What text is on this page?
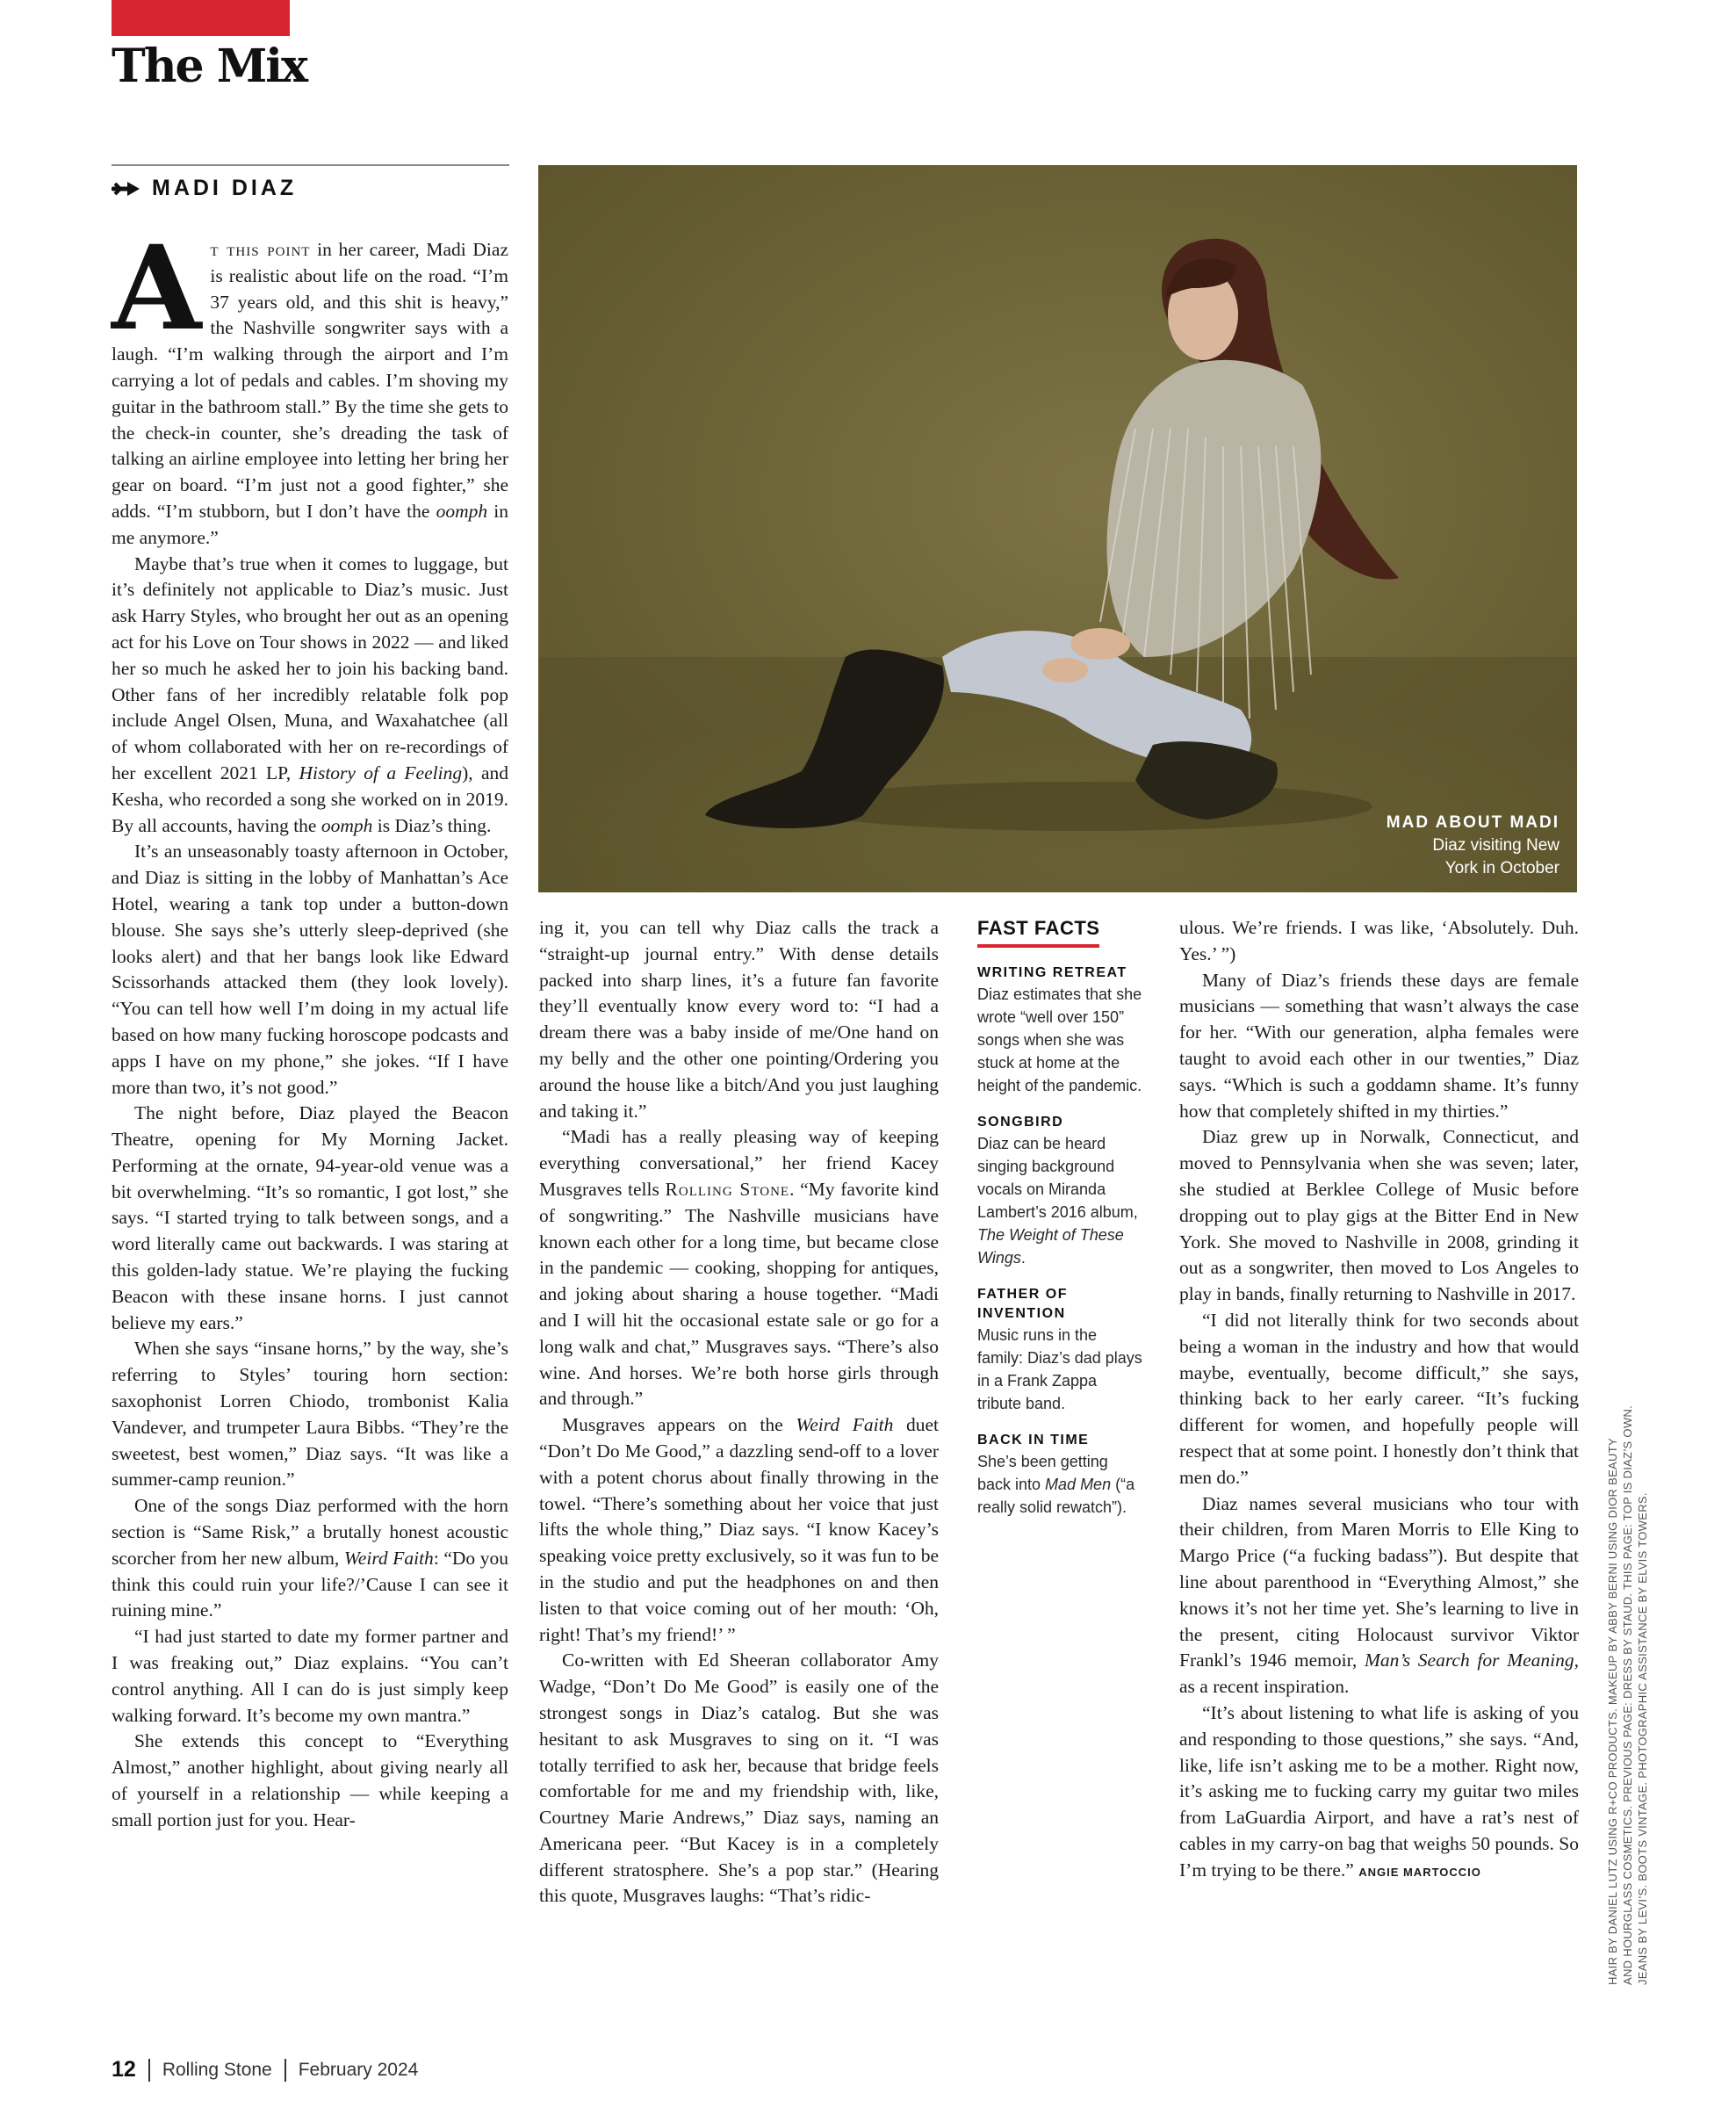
The Mix
MADI DIAZ
MAD ABOUT MADI
Diaz visiting New
York in October

At this point in her career, Madi Diaz is realistic about life on the road. “I’m 37 years old, and this shit is heavy,” the Nashville songwriter says with a laugh. “I’m walking through the airport and I’m carrying a lot of pedals and cables. I’m shoving my guitar in the bathroom stall.” By the time she gets to the check-in counter, she’s dreading the task of talking an airline employee into letting her bring her gear on board. “I’m just not a good fighter,” she adds. “I’m stubborn, but I don’t have the oomph in me anymore.”

Maybe that’s true when it comes to luggage, but it’s definitely not applicable to Diaz’s music. Just ask Harry Styles, who brought her out as an opening act for his Love on Tour shows in 2022 — and liked her so much he asked her to join his backing band. Other fans of her incredibly relatable folk pop include Angel Olsen, Muna, and Waxahatchee (all of whom collaborated with her on re-recordings of her excellent 2021 LP, History of a Feeling), and Kesha, who recorded a song she worked on in 2019. By all accounts, having the oomph is Diaz’s thing.

It’s an unseasonably toasty afternoon in October, and Diaz is sitting in the lobby of Manhattan’s Ace Hotel, wearing a tank top under a button-down blouse. She says she’s utterly sleep-deprived (she looks alert) and that her bangs look like Edward Scissorhands attacked them (they look lovely). “You can tell how well I’m doing in my actual life based on how many fucking horoscope podcasts and apps I have on my phone,” she jokes. “If I have more than two, it’s not good.”

The night before, Diaz played the Beacon Theatre, opening for My Morning Jacket. Performing at the ornate, 94-year-old venue was a bit overwhelming. “It’s so romantic, I got lost,” she says. “I started trying to talk between songs, and a word literally came out backwards. I was staring at this golden-lady statue. We’re playing the fucking Beacon with these insane horns. I just cannot believe my ears.”

When she says “insane horns,” by the way, she’s referring to Styles’ touring horn section: saxophonist Lorren Chiodo, trombonist Kalia Vandever, and trumpeter Laura Bibbs. “They’re the sweetest, best women,” Diaz says. “It was like a summer-camp reunion.”

One of the songs Diaz performed with the horn section is “Same Risk,” a brutally honest acoustic scorcher from her new album, Weird Faith: “Do you think this could ruin your life?/’Cause I can see it ruining mine.”

“I had just started to date my former partner and I was freaking out,” Diaz explains. “You can’t control anything. All I can do is just simply keep walking forward. It’s become my own mantra.”

She extends this concept to “Everything Almost,” another highlight, about giving nearly all of yourself in a relationship — while keeping a small portion just for you. Hear-

ing it, you can tell why Diaz calls the track a “straight-up journal entry.” With dense details packed into sharp lines, it’s a future fan favorite they’ll eventually know every word to: “I had a dream there was a baby inside of me/One hand on my belly and the other one pointing/Ordering you around the house like a bitch/And you just laughing and taking it.”

“Madi has a really pleasing way of keeping everything conversational,” her friend Kacey Musgraves tells Rolling Stone. “My favorite kind of songwriting.” The Nashville musicians have known each other for a long time, but became close in the pandemic — cooking, shopping for antiques, and joking about sharing a house together. “Madi and I will hit the occasional estate sale or go for a long walk and chat,” Musgraves says. “There’s also wine. And horses. We’re both horse girls through and through.”

Musgraves appears on the Weird Faith duet “Don’t Do Me Good,” a dazzling send-off to a lover with a potent chorus about finally throwing in the towel. “There’s something about her voice that just lifts the whole thing,” Diaz says. “I know Kacey’s speaking voice pretty exclusively, so it was fun to be in the studio and put the headphones on and then listen to that voice coming out of her mouth: ‘Oh, right! That’s my friend!’ ”

Co-written with Ed Sheeran collaborator Amy Wadge, “Don’t Do Me Good” is easily one of the strongest songs in Diaz’s catalog. But she was hesitant to ask Musgraves to sing on it. “I was totally terrified to ask her, because that bridge feels comfortable for me and my friendship with, like, Courtney Marie Andrews,” Diaz says, naming an Americana peer. “But Kacey is in a completely different stratosphere. She’s a pop star.” (Hearing this quote, Musgraves laughs: “That’s ridic-

FAST FACTS
WRITING RETREAT
Diaz estimates that she wrote “well over 150” songs when she was stuck at home at the height of the pandemic.
SONGBIRD
Diaz can be heard singing background vocals on Miranda Lambert’s 2016 album, The Weight of These Wings.
FATHER OF INVENTION
Music runs in the family: Diaz’s dad plays in a Frank Zappa tribute band.
BACK IN TIME
She’s been getting back into Mad Men (“a really solid rewatch”).

ulous. We’re friends. I was like, ‘Absolutely. Duh. Yes.’ ”)

Many of Diaz’s friends these days are female musicians — something that wasn’t always the case for her. “With our generation, alpha females were taught to avoid each other in our twenties,” Diaz says. “Which is such a goddamn shame. It’s funny how that completely shifted in my thirties.”

Diaz grew up in Norwalk, Connecticut, and moved to Pennsylvania when she was seven; later, she studied at Berklee College of Music before dropping out to play gigs at the Bitter End in New York. She moved to Nashville in 2008, grinding it out as a songwriter, then moved to Los Angeles to play in bands, finally returning to Nashville in 2017.

“I did not literally think for two seconds about being a woman in the industry and how that would maybe, eventually, become difficult,” she says, thinking back to her early career. “It’s fucking different for women, and hopefully people will respect that at some point. I honestly don’t think that men do.”

Diaz names several musicians who tour with their children, from Maren Morris to Elle King to Margo Price (“a fucking badass”). But despite that line about parenthood in “Everything Almost,” she knows it’s not her time yet. She’s learning to live in the present, citing Holocaust survivor Viktor Frankl’s 1946 memoir, Man’s Search for Meaning, as a recent inspiration.

“It’s about listening to what life is asking of you and responding to those questions,” she says. “And, like, life isn’t asking me to be a mother. Right now, it’s asking me to fucking carry my guitar two miles from LaGuardia Airport, and have a rat’s nest of cables in my carry-on bag that weighs 50 pounds. So I’m trying to be there.” ANGIE MARTOCCIO	HAIR BY DANIEL LUTZ USING R+CO PRODUCTS. MAKEUP BY ABBY BERNI USING DIOR BEAUTY AND HOURGLASS COSMETICS. PREVIOUS PAGE: DRESS BY STAUD. THIS PAGE: TOP IS DIAZ’S OWN. JEANS BY LEVI’S. BOOTS VINTAGE. PHOTOGRAPHIC ASSISTANCE BY ELVIS TOWERS.
12 Rolling Stone February 2024
